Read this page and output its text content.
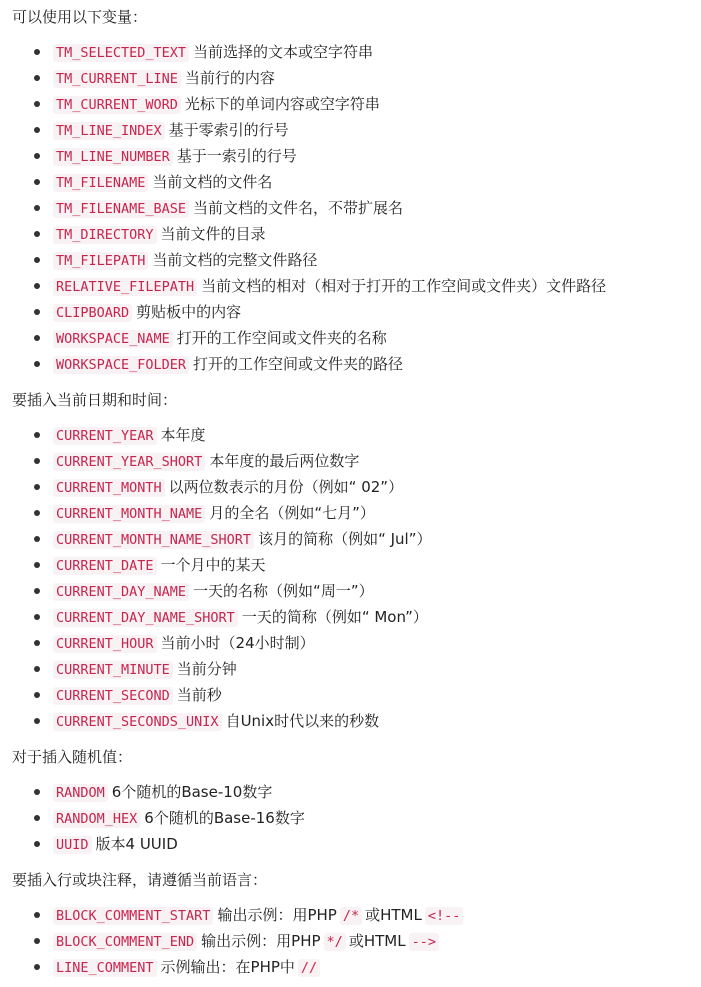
可以使用以下变量：
TM_SELECTED_TEXT 当前选择的文本或空字符串
TM_CURRENT_LINE 当前行的内容
TM_CURRENT_WORD 光标下的单词内容或空字符串
TM_LINE_INDEX 基于零索引的行号
TM_LINE_NUMBER 基于一索引的行号
TM_FILENAME 当前文档的文件名
TM_FILENAME_BASE 当前文档的文件名，不带扩展名
TM_DIRECTORY 当前文件的目录
TM_FILEPATH 当前文档的完整文件路径
RELATIVE_FILEPATH 当前文档的相对（相对于打开的工作空间或文件夹）文件路径
CLIPBOARD 剪贴板中的内容
WORKSPACE_NAME 打开的工作空间或文件夹的名称
WORKSPACE_FOLDER 打开的工作空间或文件夹的路径
要插入当前日期和时间：
CURRENT_YEAR 本年度
CURRENT_YEAR_SHORT 本年度的最后两位数字
CURRENT_MONTH 以两位数表示的月份（例如“ 02”）
CURRENT_MONTH_NAME 月的全名（例如“七月”）
CURRENT_MONTH_NAME_SHORT 该月的简称（例如“ Jul”）
CURRENT_DATE 一个月中的某天
CURRENT_DAY_NAME 一天的名称（例如“周一”）
CURRENT_DAY_NAME_SHORT 一天的简称（例如“ Mon”）
CURRENT_HOUR 当前小时（24小时制）
CURRENT_MINUTE 当前分钟
CURRENT_SECOND 当前秒
CURRENT_SECONDS_UNIX 自Unix时代以来的秒数
对于插入随机值：
RANDOM 6个随机的Base-10数字
RANDOM_HEX 6个随机的Base-16数字
UUID 版本4 UUID
要插入行或块注释，请遵循当前语言：
BLOCK_COMMENT_START 输出示例：用PHP /* 或HTML <!--
BLOCK_COMMENT_END 输出示例：用PHP */ 或HTML -->
LINE_COMMENT 示例输出：在PHP中 //
